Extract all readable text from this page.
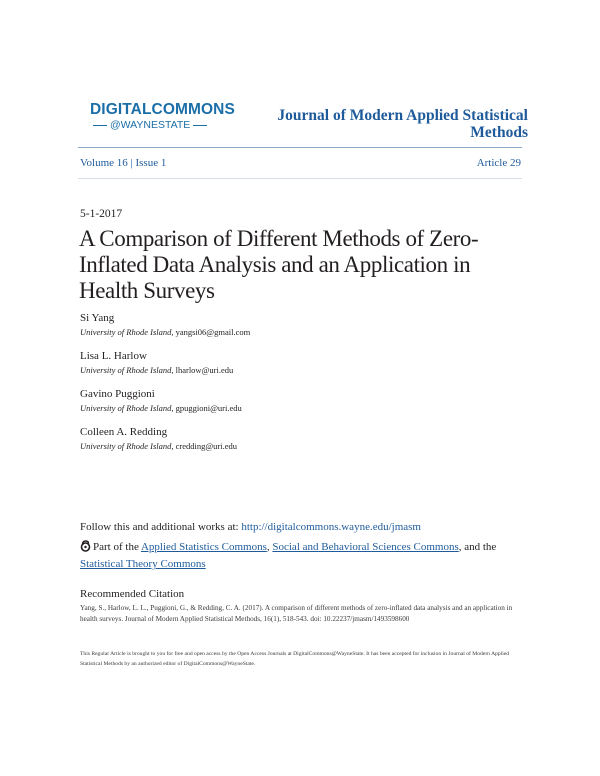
DIGITALCOMMONS
@WAYNESTATE
Journal of Modern Applied Statistical Methods
Volume 16 | Issue 1	Article 29
5-1-2017
A Comparison of Different Methods of Zero-Inflated Data Analysis and an Application in Health Surveys
Si Yang
University of Rhode Island, yangsi06@gmail.com
Lisa L. Harlow
University of Rhode Island, lharlow@uri.edu
Gavino Puggioni
University of Rhode Island, gpuggioni@uri.edu
Colleen A. Redding
University of Rhode Island, credding@uri.edu
Follow this and additional works at: http://digitalcommons.wayne.edu/jmasm
Part of the Applied Statistics Commons, Social and Behavioral Sciences Commons, and the
Statistical Theory Commons
Recommended Citation
Yang, S., Harlow, L. L., Puggioni, G., & Redding, C. A. (2017). A comparison of different methods of zero-inflated data analysis and an application in health surveys. Journal of Modern Applied Statistical Methods, 16(1), 518-543. doi: 10.22237/jmasm/1493598600
This Regular Article is brought to you for free and open access by the Open Access Journals at DigitalCommons@WayneState. It has been accepted for inclusion in Journal of Modern Applied Statistical Methods by an authorized editor of DigitalCommons@WayneState.
